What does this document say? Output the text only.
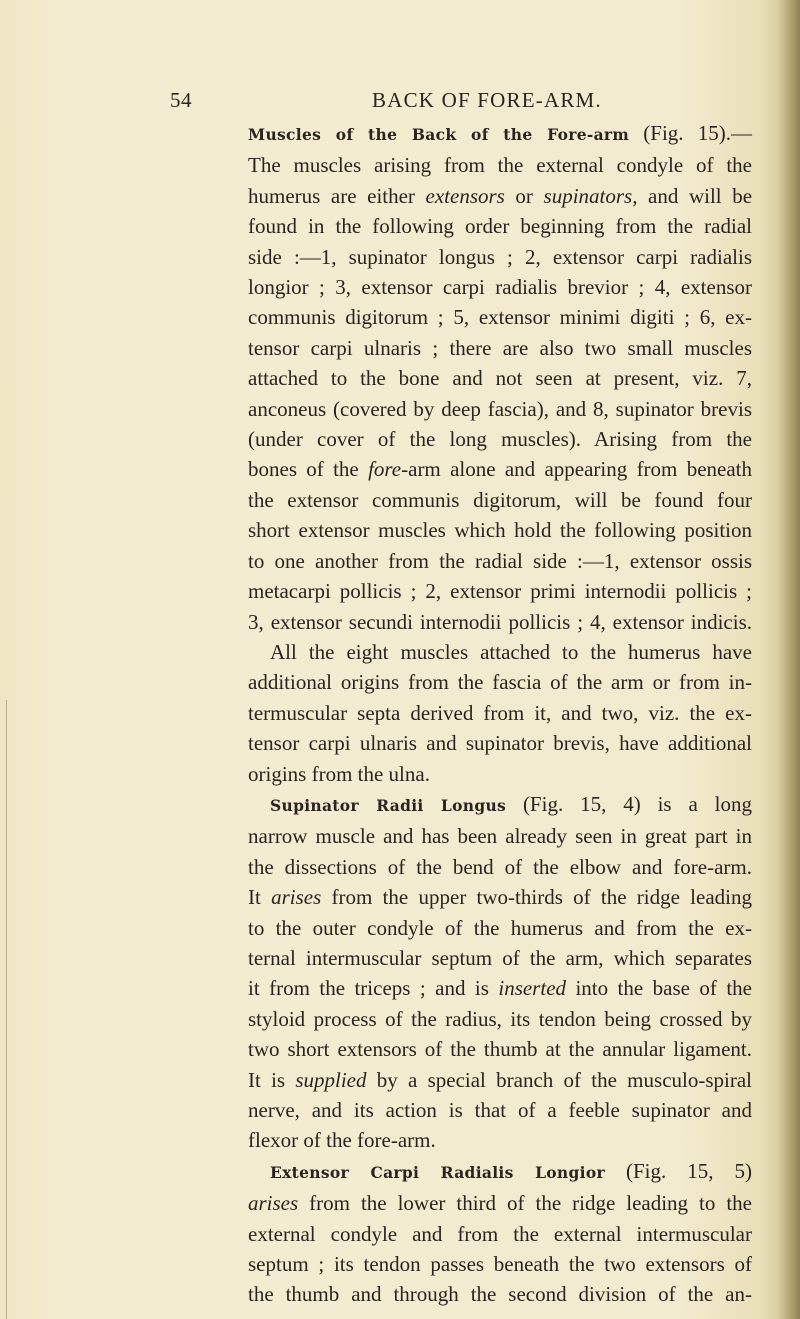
54	BACK OF FORE-ARM.
Muscles of the Back of the Fore-arm (Fig. 15).—
The muscles arising from the external condyle of the
humerus are either extensors or supinators, and will be
found in the following order beginning from the radial
side :—1, supinator longus ; 2, extensor carpi radialis
longior ; 3, extensor carpi radialis brevior ; 4, extensor
communis digitorum ; 5, extensor minimi digiti ; 6, ex-
tensor carpi ulnaris ; there are also two small muscles
attached to the bone and not seen at present, viz. 7,
anconeus (covered by deep fascia), and 8, supinator brevis
(under cover of the long muscles). Arising from the
bones of the fore-arm alone and appearing from beneath
the extensor communis digitorum, will be found four
short extensor muscles which hold the following position
to one another from the radial side :—1, extensor ossis
metacarpi pollicis ; 2, extensor primi internodii pollicis ;
3, extensor secundi internodii pollicis ; 4, extensor indicis.
All the eight muscles attached to the humerus have
additional origins from the fascia of the arm or from in-
termuscular septa derived from it, and two, viz. the ex-
tensor carpi ulnaris and supinator brevis, have additional
origins from the ulna.
Supinator Radii Longus (Fig. 15, 4) is a long
narrow muscle and has been already seen in great part in
the dissections of the bend of the elbow and fore-arm.
It arises from the upper two-thirds of the ridge leading
to the outer condyle of the humerus and from the ex-
ternal intermuscular septum of the arm, which separates
it from the triceps ; and is inserted into the base of the
styloid process of the radius, its tendon being crossed by
two short extensors of the thumb at the annular ligament.
It is supplied by a special branch of the musculo-spiral
nerve, and its action is that of a feeble supinator and
flexor of the fore-arm.
Extensor Carpi Radialis Longior (Fig. 15, 5)
arises from the lower third of the ridge leading to the
external condyle and from the external intermuscular
septum ; its tendon passes beneath the two extensors of
the thumb and through the second division of the an-
